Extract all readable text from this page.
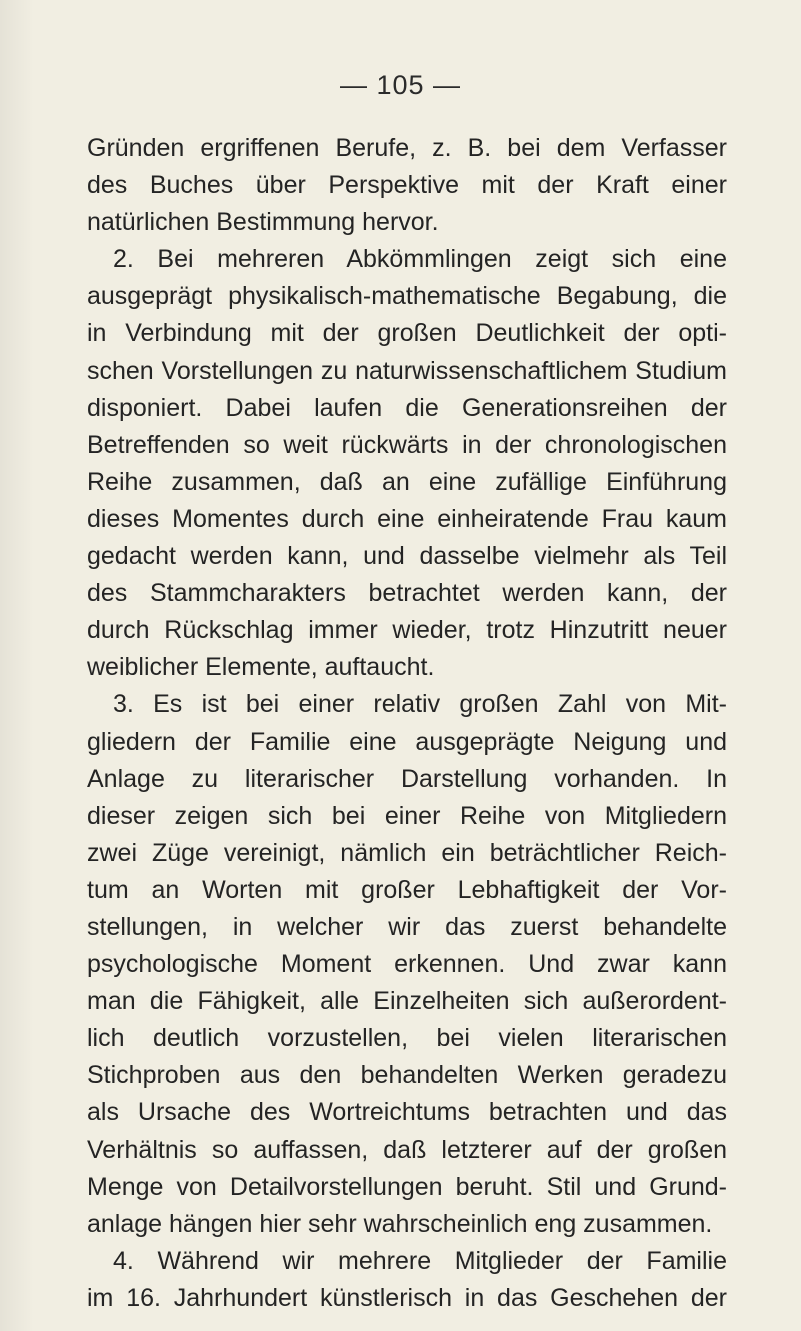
— 105 —
Gründen ergriffenen Berufe, z. B. bei dem Verfasser
des Buches über Perspektive mit der Kraft einer
natürlichen Bestimmung hervor.
2. Bei mehreren Abkömmlingen zeigt sich eine
ausgeprägt physikalisch-mathematische Begabung, die
in Verbindung mit der großen Deutlichkeit der opti-
schen Vorstellungen zu naturwissenschaftlichem Studium
disponiert. Dabei laufen die Generationsreihen der
Betreffenden so weit rückwärts in der chronologischen
Reihe zusammen, daß an eine zufällige Einführung
dieses Momentes durch eine einheiratende Frau kaum
gedacht werden kann, und dasselbe vielmehr als Teil
des Stammcharakters betrachtet werden kann, der
durch Rückschlag immer wieder, trotz Hinzutritt neuer
weiblicher Elemente, auftaucht.
3. Es ist bei einer relativ großen Zahl von Mit-
gliedern der Familie eine ausgeprägte Neigung und
Anlage zu literarischer Darstellung vorhanden. In
dieser zeigen sich bei einer Reihe von Mitgliedern
zwei Züge vereinigt, nämlich ein beträchtlicher Reich-
tum an Worten mit großer Lebhaftigkeit der Vor-
stellungen, in welcher wir das zuerst behandelte
psychologische Moment erkennen. Und zwar kann
man die Fähigkeit, alle Einzelheiten sich außerordent-
lich deutlich vorzustellen, bei vielen literarischen
Stichproben aus den behandelten Werken geradezu
als Ursache des Wortreichtums betrachten und das
Verhältnis so auffassen, daß letzterer auf der großen
Menge von Detailvorstellungen beruht. Stil und Grund-
anlage hängen hier sehr wahrscheinlich eng zusammen.
4. Während wir mehrere Mitglieder der Familie
im 16. Jahrhundert künstlerisch in das Geschehen der
